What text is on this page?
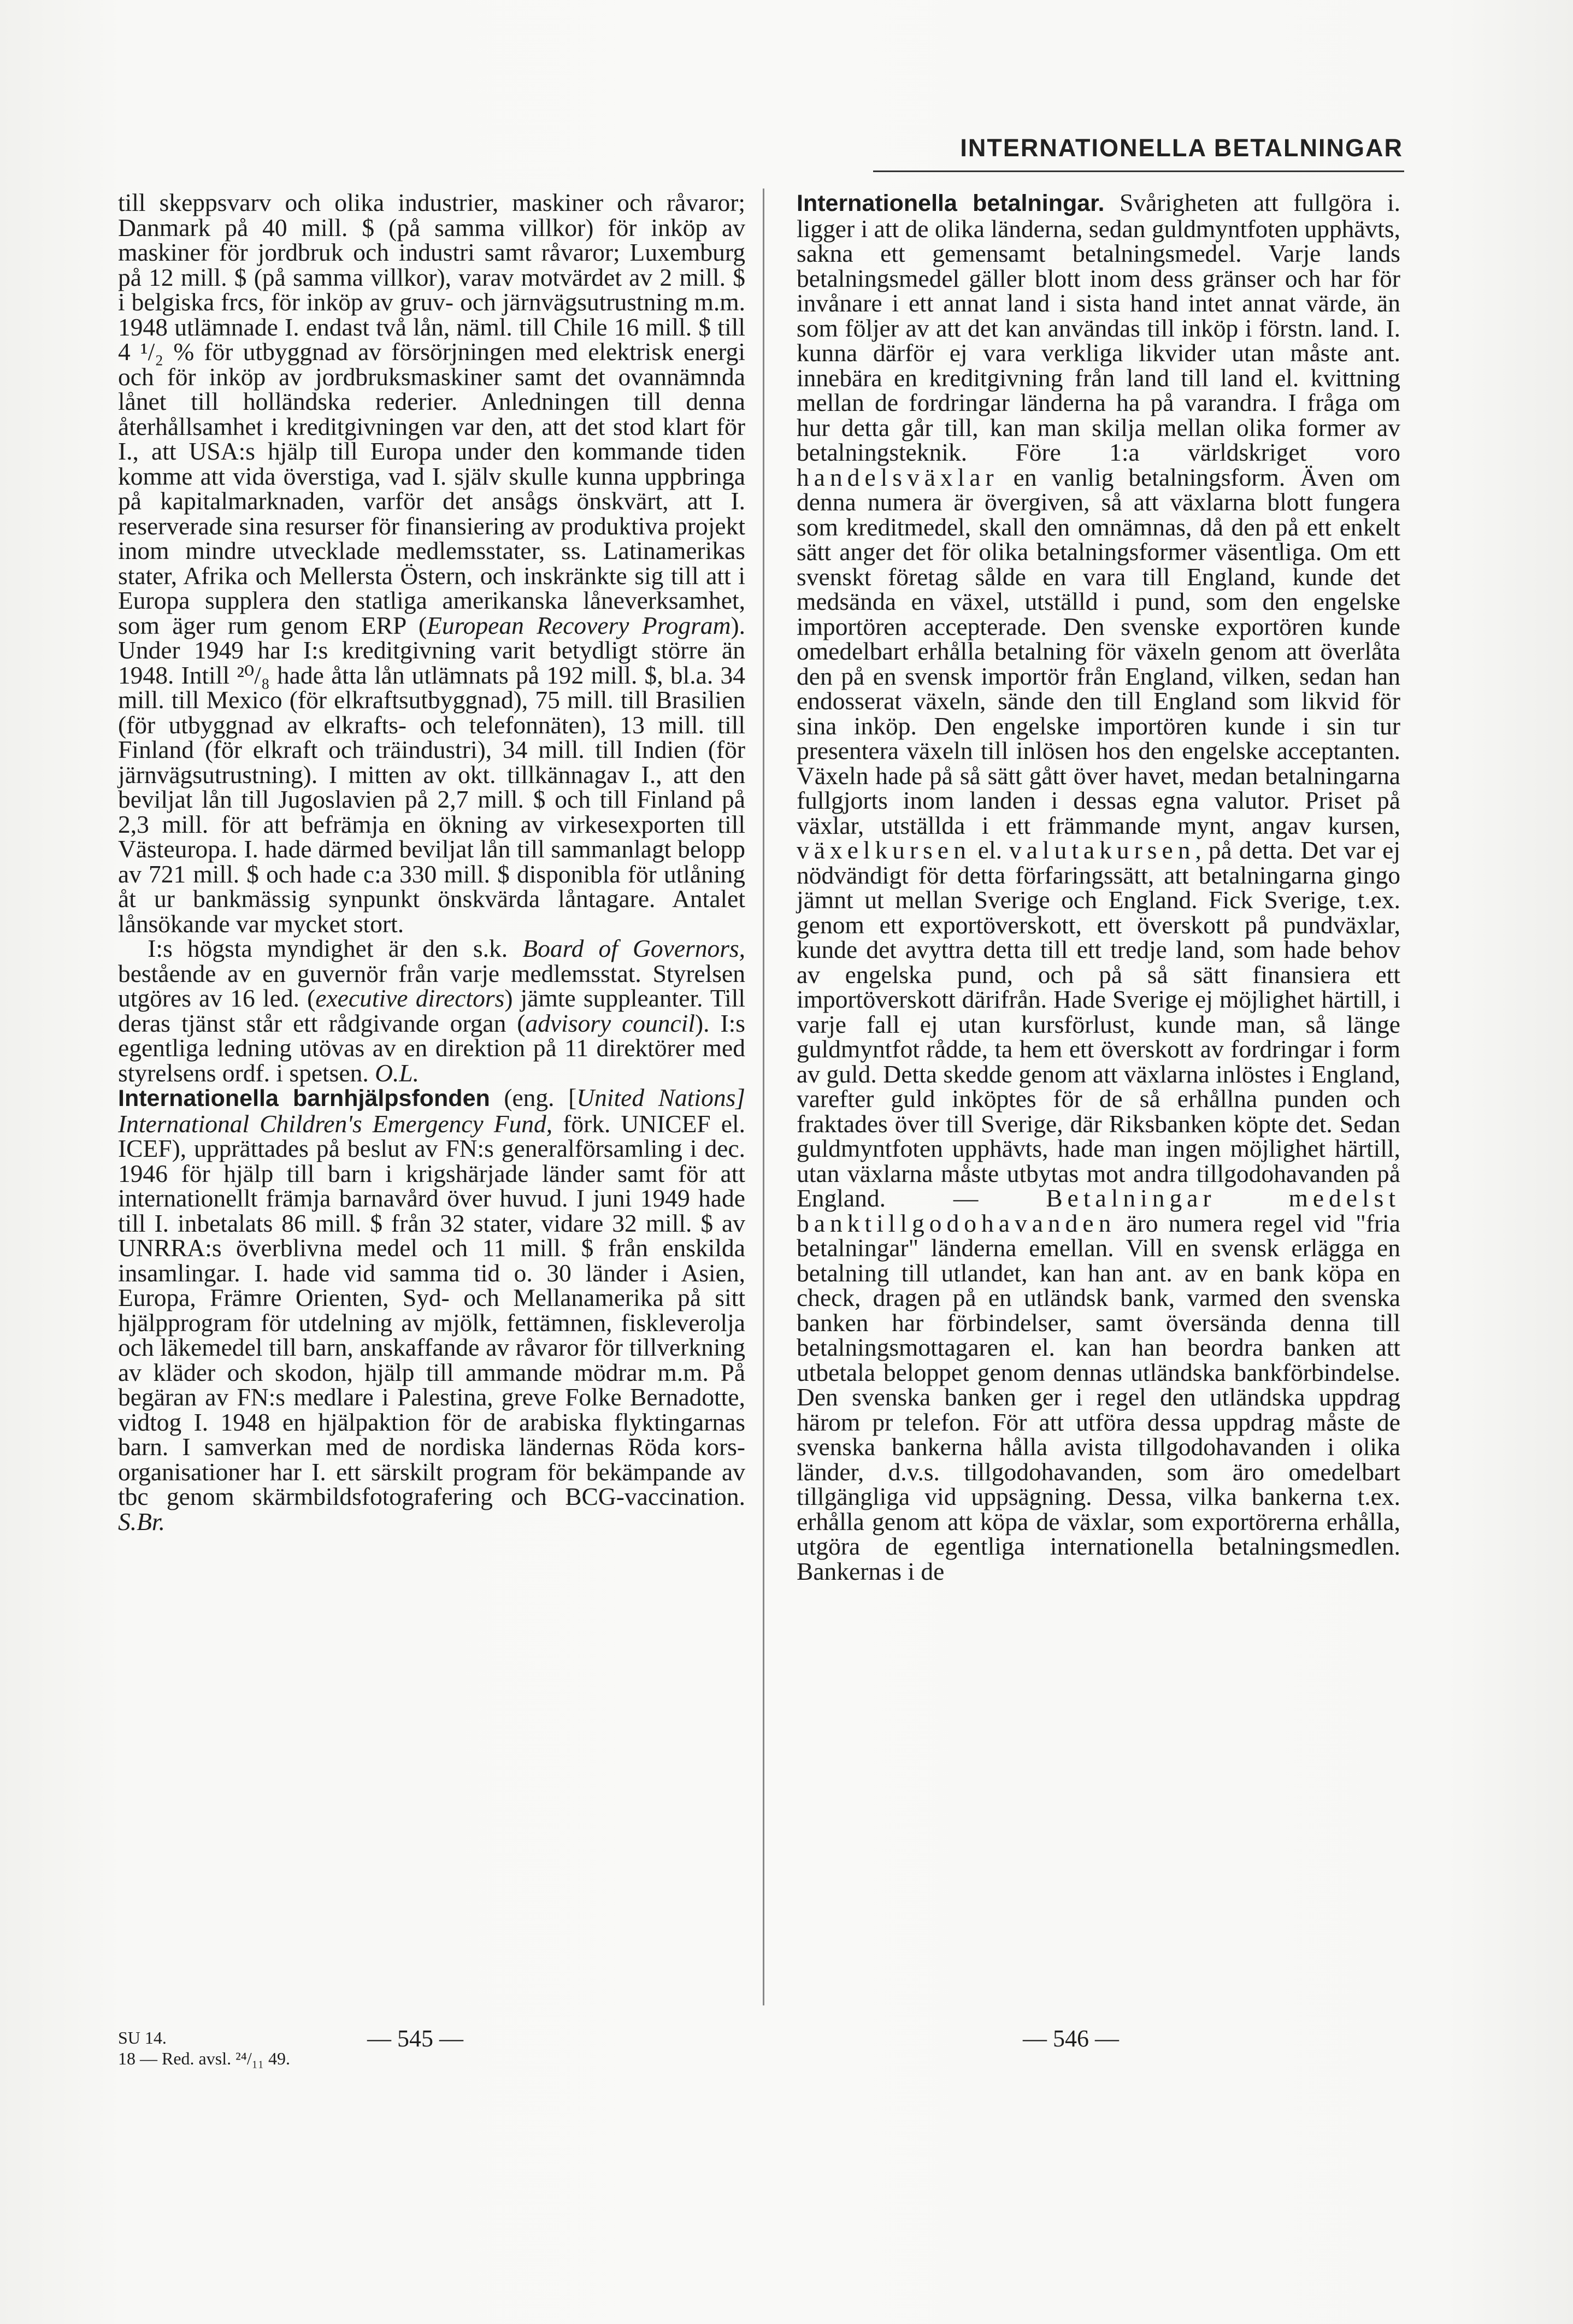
INTERNATIONELLA BETALNINGAR

till skeppsvarv och olika industrier, maskiner och råvaror; Danmark på 40 mill. $ (på samma villkor) för inköp av maskiner för jordbruk och industri samt råvaror; Luxemburg på 12 mill. $ (på samma villkor), varav motvärdet av 2 mill. $ i belgiska frcs, för inköp av gruv- och järnvägsutrustning m.m. 1948 utlämnade I. endast två lån, näml. till Chile 16 mill. $ till 4 ¹/₂ % för utbyggnad av försörjningen med elektrisk energi och för inköp av jordbruksmaskiner samt det ovannämnda lånet till holländska rederier. Anledningen till denna återhållsamhet i kreditgivningen var den, att det stod klart för I., att USA:s hjälp till Europa under den kommande tiden komme att vida överstiga, vad I. själv skulle kunna uppbringa på kapitalmarknaden, varför det ansågs önskvärt, att I. reserverade sina resurser för finansiering av produktiva projekt inom mindre utvecklade medlemsstater, ss. Latinamerikas stater, Afrika och Mellersta Östern, och inskränkte sig till att i Europa supplera den statliga amerikanska låneverksamhet, som äger rum genom ERP (European Recovery Program). Under 1949 har I:s kreditgivning varit betydligt större än 1948. Intill ²⁰/₈ hade åtta lån utlämnats på 192 mill. $, bl.a. 34 mill. till Mexico (för elkraftsutbyggnad), 75 mill. till Brasilien (för utbyggnad av elkrafts- och telefonnäten), 13 mill. till Finland (för elkraft och träindustri), 34 mill. till Indien (för järnvägsutrustning). I mitten av okt. tillkännagav I., att den beviljat lån till Jugoslavien på 2,7 mill. $ och till Finland på 2,3 mill. för att befrämja en ökning av virkesexporten till Västeuropa. I. hade därmed beviljat lån till sammanlagt belopp av 721 mill. $ och hade c:a 330 mill. $ disponibla för utlåning åt ur bankmässig synpunkt önskvärda låntagare. Antalet lånsökande var mycket stort.

I:s högsta myndighet är den s.k. Board of Governors, bestående av en guvernör från varje medlemsstat. Styrelsen utgöres av 16 led. (executive directors) jämte suppleanter. Till deras tjänst står ett rådgivande organ (advisory council). I:s egentliga ledning utövas av en direktion på 11 direktörer med styrelsens ordf. i spetsen. O.L.

Internationella barnhjälpsfonden (eng. [United Nations] International Children's Emergency Fund, förk. UNICEF el. ICEF), upprättades på beslut av FN:s generalförsamling i dec. 1946 för hjälp till barn i krigshärjade länder samt för att internationellt främja barnavård över huvud. I juni 1949 hade till I. inbetalats 86 mill. $ från 32 stater, vidare 32 mill. $ av UNRRA:s överblivna medel och 11 mill. $ från enskilda insamlingar. I. hade vid samma tid o. 30 länder i Asien, Europa, Främre Orienten, Syd- och Mellanamerika på sitt hjälpprogram för utdelning av mjölk, fettämnen, fiskleverolja och läkemedel till barn, anskaffande av råvaror för tillverkning av kläder och skodon, hjälp till ammande mödrar m.m. På begäran av FN:s medlare i Palestina, greve Folke Bernadotte, vidtog I. 1948 en hjälpaktion för de arabiska flyktingarnas barn. I samverkan med de nordiska ländernas Röda kors-organisationer har I. ett särskilt program för bekämpande av tbc genom skärmbildsfotografering och BCG-vaccination. S.Br.

Internationella betalningar. Svårigheten att fullgöra i. ligger i att de olika länderna, sedan guldmyntfoten upphävts, sakna ett gemensamt betalningsmedel. Varje lands betalningsmedel gäller blott inom dess gränser och har för invånare i ett annat land i sista hand intet annat värde, än som följer av att det kan användas till inköp i förstn. land. I. kunna därför ej vara verkliga likvider utan måste ant. innebära en kreditgivning från land till land el. kvittning mellan de fordringar länderna ha på varandra. I fråga om hur detta går till, kan man skilja mellan olika former av betalningsteknik. Före 1:a världskriget voro handelsväxlar en vanlig betalningsform. Även om denna numera är övergiven, så att växlarna blott fungera som kreditmedel, skall den omnämnas, då den på ett enkelt sätt anger det för olika betalningsformer väsentliga. Om ett svenskt företag sålde en vara till England, kunde det medsända en växel, utställd i pund, som den engelske importören accepterade. Den svenske exportören kunde omedelbart erhålla betalning för växeln genom att överlåta den på en svensk importör från England, vilken, sedan han endosserat växeln, sände den till England som likvid för sina inköp. Den engelske importören kunde i sin tur presentera växeln till inlösen hos den engelske acceptanten. Växeln hade på så sätt gått över havet, medan betalningarna fullgjorts inom landen i dessas egna valutor. Priset på växlar, utställda i ett främmande mynt, angav kursen, växelkursen el. valutakursen, på detta. Det var ej nödvändigt för detta förfaringssätt, att betalningarna gingo jämnt ut mellan Sverige och England. Fick Sverige, t.ex. genom ett exportöverskott, ett överskott på pundväxlar, kunde det avyttra detta till ett tredje land, som hade behov av engelska pund, och på så sätt finansiera ett importöverskott därifrån. Hade Sverige ej möjlighet härtill, i varje fall ej utan kursförlust, kunde man, så länge guldmyntfot rådde, ta hem ett överskott av fordringar i form av guld. Detta skedde genom att växlarna inlöstes i England, varefter guld inköptes för de så erhållna punden och fraktades över till Sverige, där Riksbanken köpte det. Sedan guldmyntfoten upphävts, hade man ingen möjlighet härtill, utan växlarna måste utbytas mot andra tillgodohavanden på England. — Betalningar medelst banktillgodohavanden äro numera regel vid "fria betalningar" länderna emellan. Vill en svensk erlägga en betalning till utlandet, kan han ant. av en bank köpa en check, dragen på en utländsk bank, varmed den svenska banken har förbindelser, samt översända denna till betalningsmottagaren el. kan han beordra banken att utbetala beloppet genom dennas utländska bankförbindelse. Den svenska banken ger i regel den utländska uppdrag härom pr telefon. För att utföra dessa uppdrag måste de svenska bankerna hålla avista tillgodohavanden i olika länder, d.v.s. tillgodohavanden, som äro omedelbart tillgängliga vid uppsägning. Dessa, vilka bankerna t.ex. erhålla genom att köpa de växlar, som exportörerna erhålla, utgöra de egentliga internationella betalningsmedlen. Bankernas i de

SU 14.
18 — Red. avsl. ²⁴/₁₁ 49.
— 545 —	— 546 —
